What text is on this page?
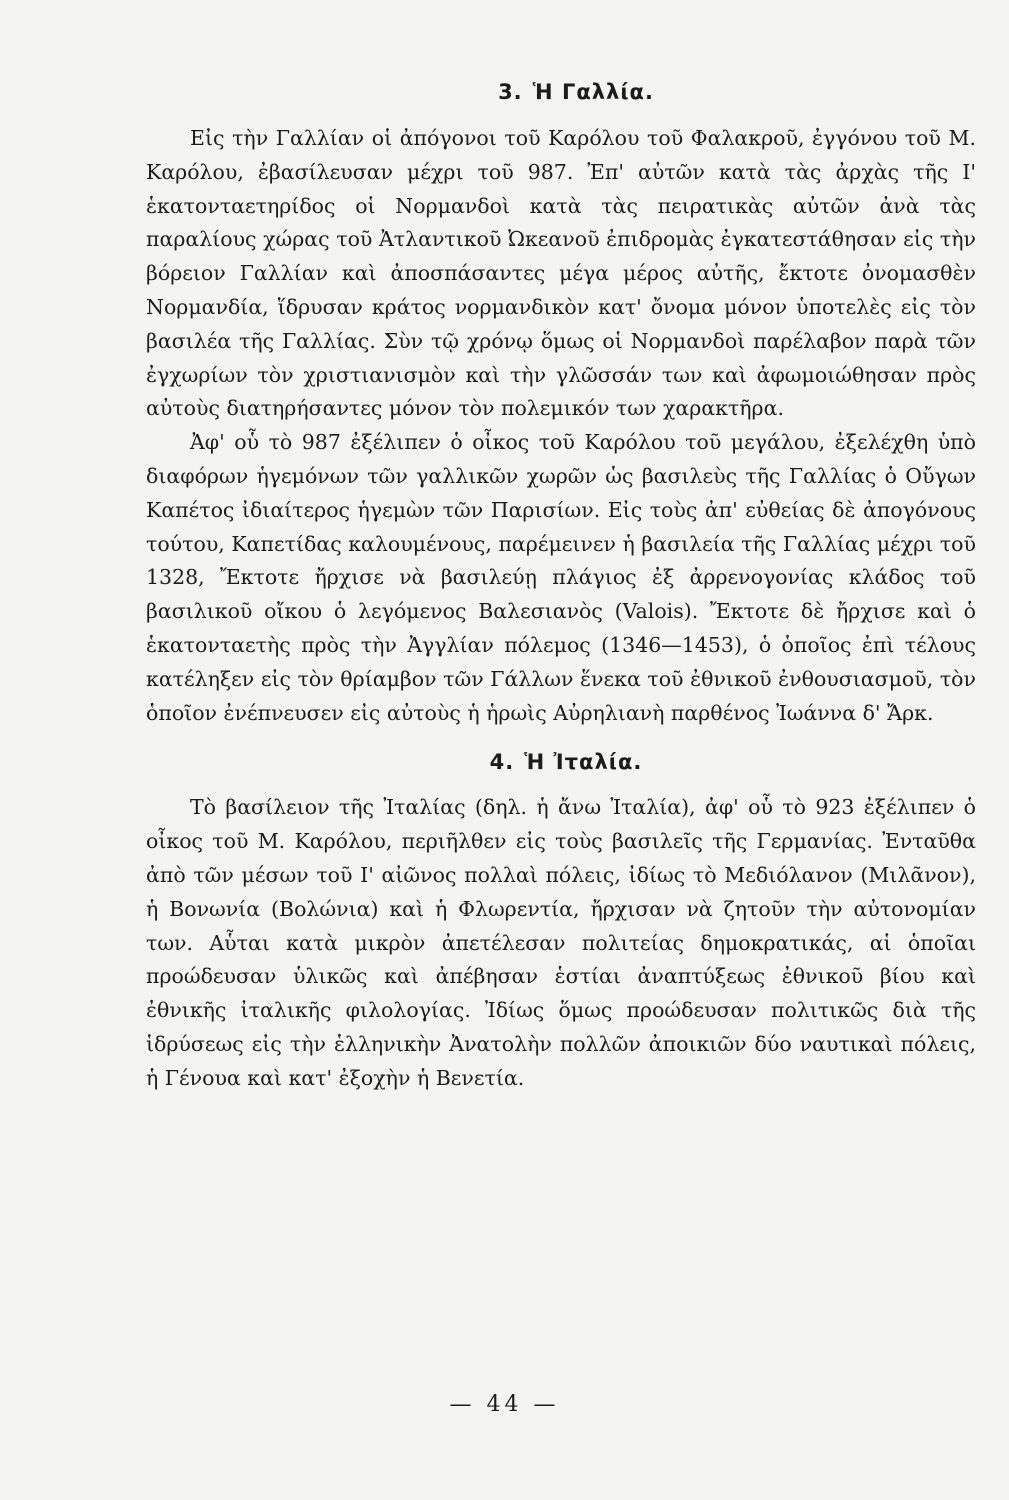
3. Ἡ Γαλλία.

Εἰς τὴν Γαλλίαν οἱ ἀπόγονοι τοῦ Καρόλου τοῦ Φαλακροῦ, ἐγγόνου τοῦ Μ. Καρόλου, ἐβασίλευσαν μέχρι τοῦ 987. Ἐπ' αὐτῶν κατὰ τὰς ἀρχὰς τῆς Ι' ἑκατονταετηρίδος οἱ Νορμανδοὶ κατὰ τὰς πειρατικὰς αὐτῶν ἀνὰ τὰς παραλίους χώρας τοῦ Ἀτλαντικοῦ Ὠκεανοῦ ἐπιδρομὰς ἐγκατεστάθησαν εἰς τὴν βόρειον Γαλλίαν καὶ ἀποσπάσαντες μέγα μέρος αὐτῆς, ἔκτοτε ὀνομασθὲν Νορμανδία, ἵδρυσαν κράτος νορμανδικὸν κατ' ὄνομα μόνον ὑποτελὲς εἰς τὸν βασιλέα τῆς Γαλλίας. Σὺν τῷ χρόνῳ ὅμως οἱ Νορμανδοὶ παρέλαβον παρὰ τῶν ἐγχωρίων τὸν χριστιανισμὸν καὶ τὴν γλῶσσάν των καὶ ἀφωμοιώθησαν πρὸς αὐτοὺς διατηρήσαντες μόνον τὸν πολεμικόν των χαρακτῆρα.

Ἀφ' οὗ τὸ 987 ἐξέλιπεν ὁ οἶκος τοῦ Καρόλου τοῦ μεγάλου, ἐξελέχθη ὑπὸ διαφόρων ἡγεμόνων τῶν γαλλικῶν χωρῶν ὡς βασιλεὺς τῆς Γαλλίας ὁ Οὔγων Καπέτος ἰδιαίτερος ἡγεμὼν τῶν Παρισίων. Εἰς τοὺς ἀπ' εὐθείας δὲ ἀπογόνους τούτου, Καπετίδας καλουμένους, παρέμεινεν ἡ βασιλεία τῆς Γαλλίας μέχρι τοῦ 1328, Ἔκτοτε ἤρχισε νὰ βασιλεύῃ πλάγιος ἐξ ἀρρενογονίας κλάδος τοῦ βασιλικοῦ οἴκου ὁ λεγόμενος Βαλεσιανὸς (Valois). Ἔκτοτε δὲ ἤρχισε καὶ ὁ ἑκατονταετὴς πρὸς τὴν Ἀγγλίαν πόλεμος (1346—1453), ὁ ὁποῖος ἐπὶ τέλους κατέληξεν εἰς τὸν θρίαμβον τῶν Γάλλων ἕνεκα τοῦ ἐθνικοῦ ἐνθουσιασμοῦ, τὸν ὁποῖον ἐνέπνευσεν εἰς αὐτοὺς ἡ ἡρωὶς Αὐρηλιανὴ παρθένος Ἰωάννα δ' Ἄρκ.

4. Ἡ Ἰταλία.

Τὸ βασίλειον τῆς Ἰταλίας (δηλ. ἡ ἄνω Ἰταλία), ἀφ' οὗ τὸ 923 ἐξέλιπεν ὁ οἶκος τοῦ Μ. Καρόλου, περιῆλθεν εἰς τοὺς βασιλεῖς τῆς Γερμανίας. Ἐνταῦθα ἀπὸ τῶν μέσων τοῦ Ι' αἰῶνος πολλαὶ πόλεις, ἰδίως τὸ Μεδιόλανον (Μιλᾶνον), ἡ Βονωνία (Βολώνια) καὶ ἡ Φλωρεντία, ἤρχισαν νὰ ζητοῦν τὴν αὐτονομίαν των. Αὗται κατὰ μικρὸν ἀπετέλεσαν πολιτείας δημοκρατικάς, αἱ ὁποῖαι προώδευσαν ὑλικῶς καὶ ἀπέβησαν ἑστίαι ἀναπτύξεως ἐθνικοῦ βίου καὶ ἐθνικῆς ἰταλικῆς φιλολογίας. Ἰδίως ὅμως προώδευσαν πολιτικῶς διὰ τῆς ἱδρύσεως εἰς τὴν ἑλληνικὴν Ἀνατολὴν πολλῶν ἀποικιῶν δύο ναυτικαὶ πόλεις, ἡ Γένουα καὶ κατ' ἐξοχὴν ἡ Βενετία.

— 44 —
